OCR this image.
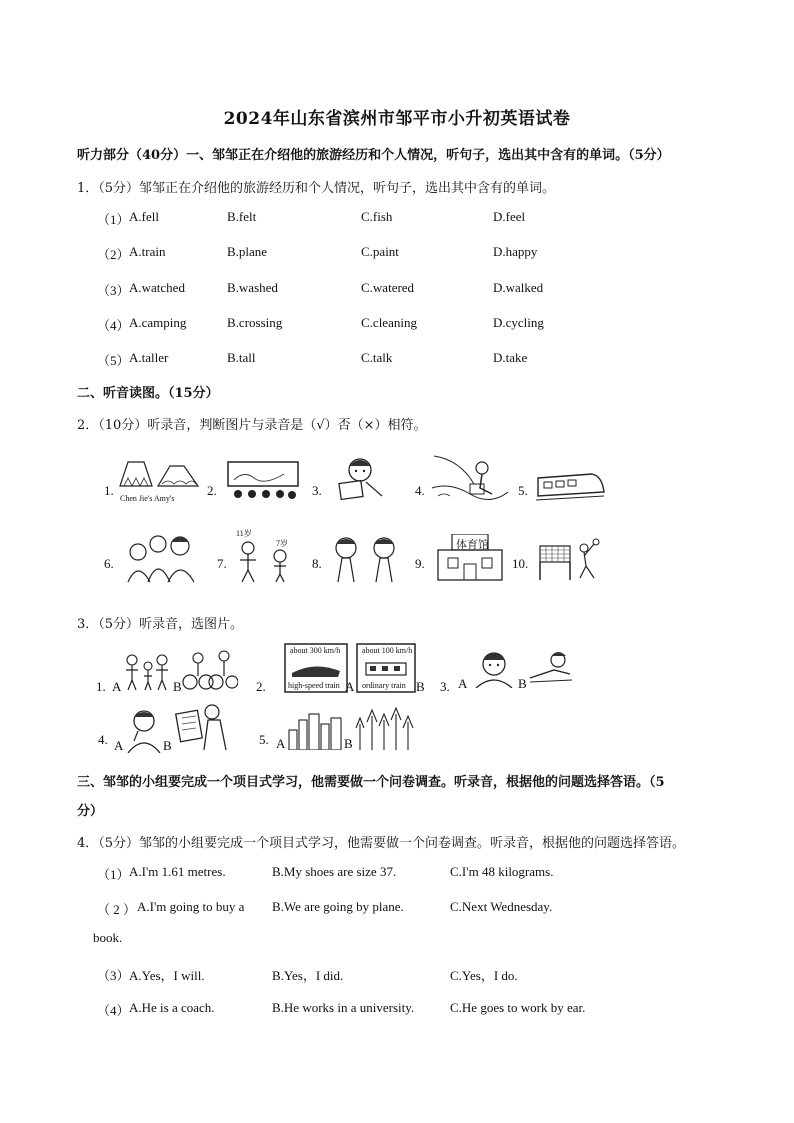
2024年山东省滨州市邹平市小升初英语试卷
听力部分（40分）一、邹邹正在介绍他的旅游经历和个人情况，听句子，选出其中含有的单词。（5分）
1．（5分）邹邹正在介绍他的旅游经历和个人情况，听句子，选出其中含有的单词。
（1） A.fell	B.felt	C.fish	D.feel
（2） A.train	B.plane	C.paint	D.happy
（3） A.watched	B.washed	C.watered	D.walked
（4） A.camping	B.crossing	C.cleaning	D.cycling
（5） A.taller	B.tall	C.talk	D.take
二、听音读图。（15分）
2．（10分）听录音，判断图片与录音是（√）否（×）相符。
1.	2.	3.	4.	5.
Chen Jie's Amy's
6.	7.	8.	9.	10.
11岁
7岁	体育馆
3．（5分）听录音，选图片。
1. A	B	2.
about 300 km/h
high-speed train A
about 100 km/h
ordinary train B 3. A	B
4. A	B	5. A	B
三、邹邹的小组要完成一个项目式学习，他需要做一个问卷调查。听录音，根据他的问题选择答语。（5
分）
4．（5分）邹邹的小组要完成一个项目式学习，他需要做一个问卷调查。听录音，根据他的问题选择答语。
（1） A.I'm 1.61 metres.	B.My shoes are size 37.	C.I'm 48 kilograms.
（ 2 ） A.I'm going to buy a B.We are going by plane.	C.Next Wednesday.
book.
（3） A.Yes，I will.	B.Yes，I did.	C.Yes，I do.
（4） A.He is a coach.	B.He works in a university.	C.He goes to work by ear.
